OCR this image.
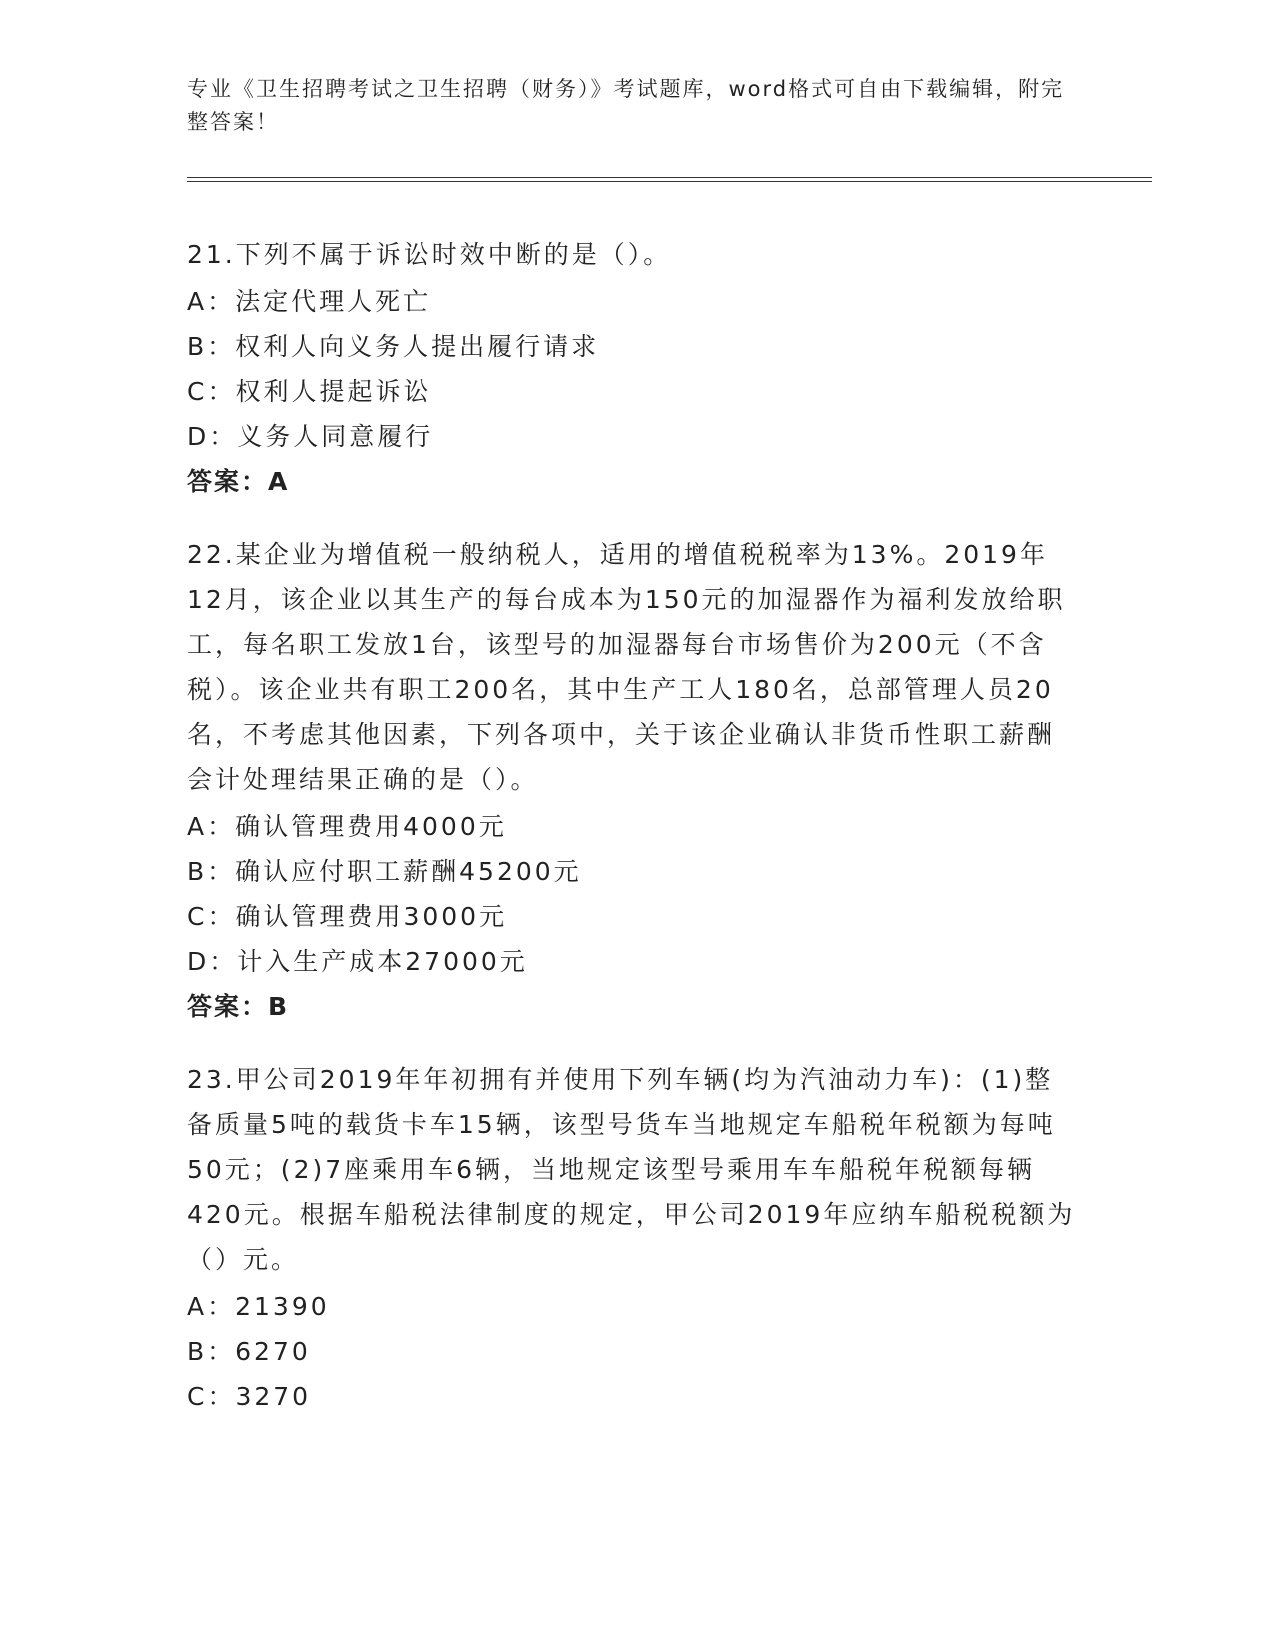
专业《卫生招聘考试之卫生招聘（财务）》考试题库，word格式可自由下载编辑，附完整答案！

21.下列不属于诉讼时效中断的是（）。

A：法定代理人死亡

B：权利人向义务人提出履行请求

C：权利人提起诉讼

D：义务人同意履行

答案：A

22.某企业为增值税一般纳税人，适用的增值税税率为13%。2019年12月，该企业以其生产的每台成本为150元的加湿器作为福利发放给职工，每名职工发放1台，该型号的加湿器每台市场售价为200元（不含税）。该企业共有职工200名，其中生产工人180名，总部管理人员20名，不考虑其他因素，下列各项中，关于该企业确认非货币性职工薪酬会计处理结果正确的是（）。

A：确认管理费用4000元

B：确认应付职工薪酬45200元

C：确认管理费用3000元

D：计入生产成本27000元

答案：B

23.甲公司2019年年初拥有并使用下列车辆(均为汽油动力车)：(1)整备质量5吨的载货卡车15辆，该型号货车当地规定车船税年税额为每吨50元；(2)7座乘用车6辆，当地规定该型号乘用车车船税年税额每辆420元。根据车船税法律制度的规定，甲公司2019年应纳车船税税额为（）元。

A：21390

B：6270

C：3270
